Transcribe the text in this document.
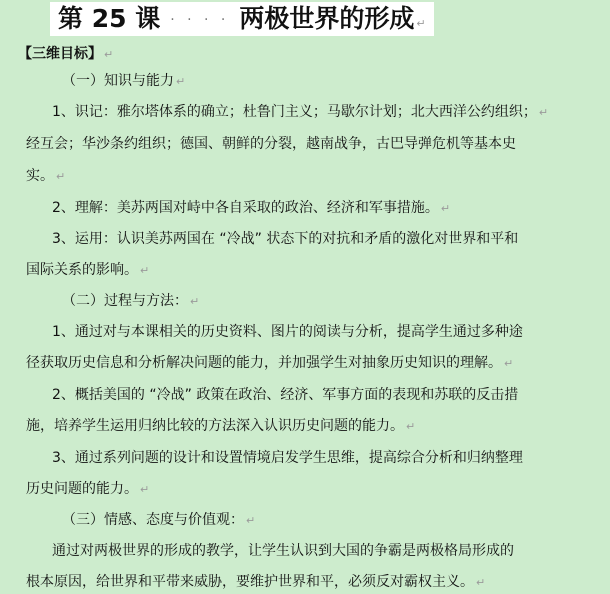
第 25 课 · · · · 两极世界的形成 ↵
【三维目标】 ↵
（一）知识与能力 ↵
1、识记：雅尔塔体系的确立；杜鲁门主义；马歇尔计划；北大西洋公约组织； ↵
经互会；华沙条约组织；德国、朝鲜的分裂，越南战争，古巴导弹危机等基本史
实。 ↵
2、理解：美苏两国对峙中各自采取的政治、经济和军事措施。 ↵
3、运用：认识美苏两国在 “冷战” 状态下的对抗和矛盾的激化对世界和平和
国际关系的影响。 ↵
（二）过程与方法： ↵
1、通过对与本课相关的历史资料、图片的阅读与分析，提高学生通过多种途
径获取历史信息和分析解决问题的能力，并加强学生对抽象历史知识的理解。 ↵
2、概括美国的 “冷战” 政策在政治、经济、军事方面的表现和苏联的反击措
施，培养学生运用归纳比较的方法深入认识历史问题的能力。 ↵
3、通过系列问题的设计和设置情境启发学生思维，提高综合分析和归纳整理
历史问题的能力。 ↵
（三）情感、态度与价值观： ↵
通过对两极世界的形成的教学，让学生认识到大国的争霸是两极格局形成的
根本原因，给世界和平带来威胁，要维护世界和平，必须反对霸权主义。 ↵
